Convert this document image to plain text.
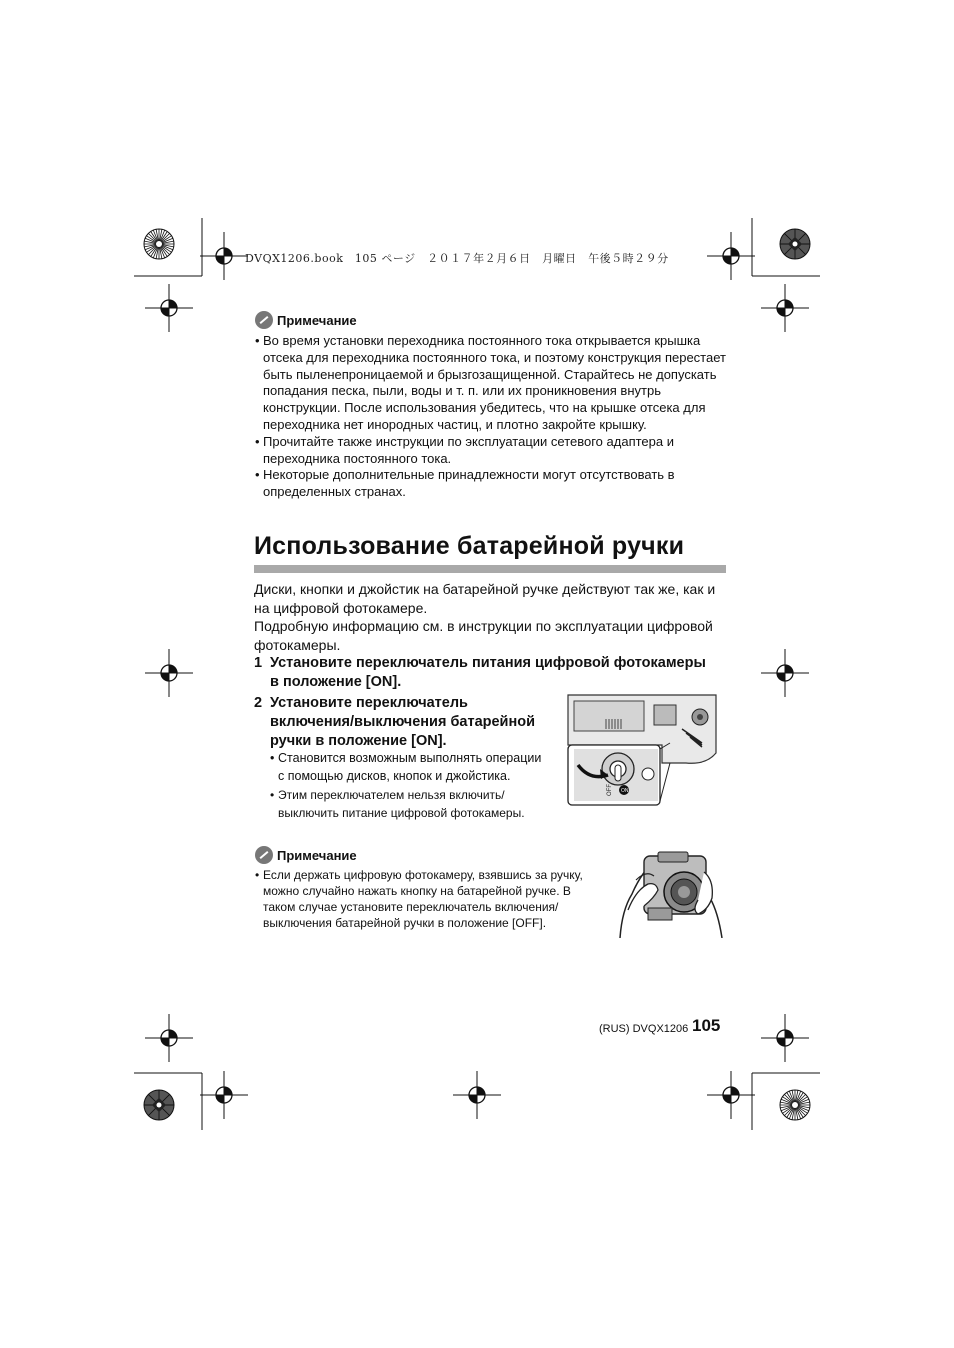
DVQX1206.book　105 ページ　２０１７年２月６日　月曜日　午後５時２９分
Примечание
• Во время установки переходника постоянного тока открывается крышка отсека для переходника постоянного тока, и поэтому конструкция перестает быть пыленепроницаемой и брызгозащищенной. Старайтесь не допускать попадания песка, пыли, воды и т. п. или их проникновения внутрь конструкции. После использования убедитесь, что на крышке отсека для переходника нет инородных частиц, и плотно закройте крышку.
• Прочитайте также инструкции по эксплуатации сетевого адаптера и переходника постоянного тока.
• Некоторые дополнительные принадлежности могут отсутствовать в определенных странах.
Использование батарейной ручки

Диски, кнопки и джойстик на батарейной ручке действуют так же, как и на цифровой фотокамере.

Подробную информацию см. в инструкции по эксплуатации цифровой фотокамеры.

1 Установите переключатель питания цифровой фотокамеры в положение [ON].
2 Установите переключатель включения/выключения батарейной ручки в положение [ON].
• Становится возможным выполнять операции с помощью дисков, кнопок и джойстика.
• Этим переключателем нельзя включить/выключить питание цифровой фотокамеры.
OFF ON
Примечание
• Если держать цифровую фотокамеру, взявшись за ручку, можно случайно нажать кнопку на батарейной ручке. В таком случае установите переключатель включения/выключения батарейной ручки в положение [OFF].
(RUS) DVQX1206 105
